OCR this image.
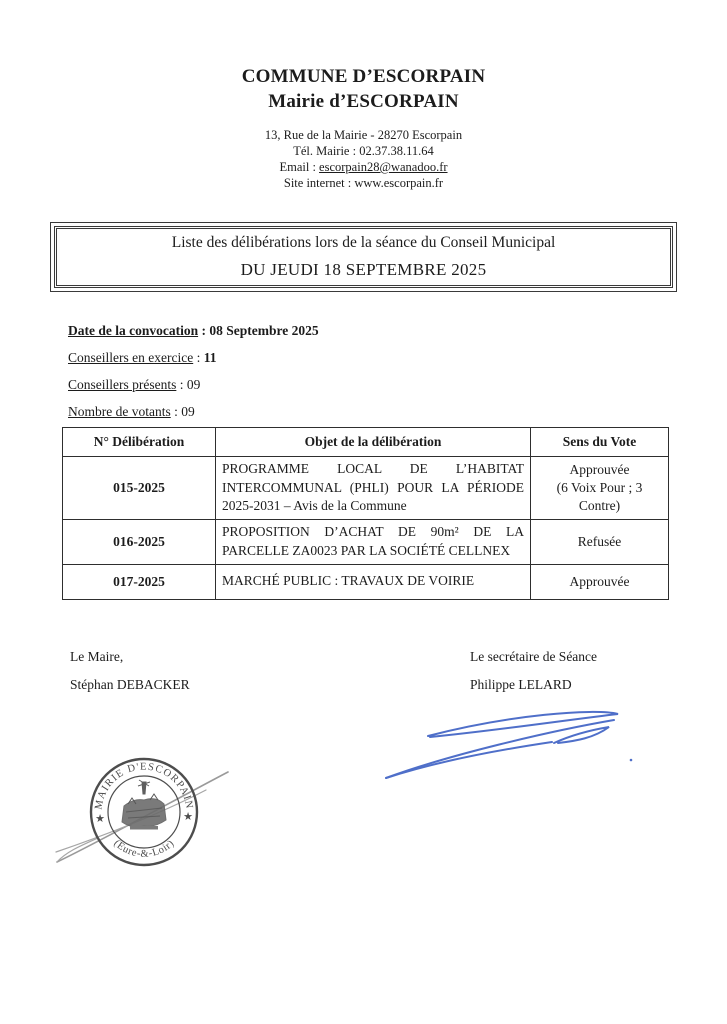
COMMUNE D’ESCORPAIN
Mairie d’ESCORPAIN
13, Rue de la Mairie - 28270 Escorpain
Tél. Mairie : 02.37.38.11.64
Email : escorpain28@wanadoo.fr
Site internet : www.escorpain.fr
Liste des délibérations lors de la séance du Conseil Municipal
DU JEUDI 18 SEPTEMBRE 2025
Date de la convocation : 08 Septembre 2025
Conseillers en exercice : 11
Conseillers présents : 09
Nombre de votants : 09
N° Délibération	Objet de la délibération	Sens du Vote
015-2025	PROGRAMME LOCAL DE L’HABITAT INTERCOMMUNAL (PHLI) POUR LA PÉRIODE 2025-2031 – Avis de la Commune	Approuvée
(6 Voix Pour ; 3 Contre)

016-2025	PROPOSITION D’ACHAT DE 90m² DE LA PARCELLE ZA0023 PAR LA SOCIÉTÉ CELLNEX	Refusée

017-2025	MARCHÉ PUBLIC : TRAVAUX DE VOIRIE	Approuvée
Le Maire,
Stéphan DEBACKER
Le secrétaire de Séance
Philippe LELARD
MAIRIE D'ESCORPAIN
(Eure-&-Loir)
★	★
